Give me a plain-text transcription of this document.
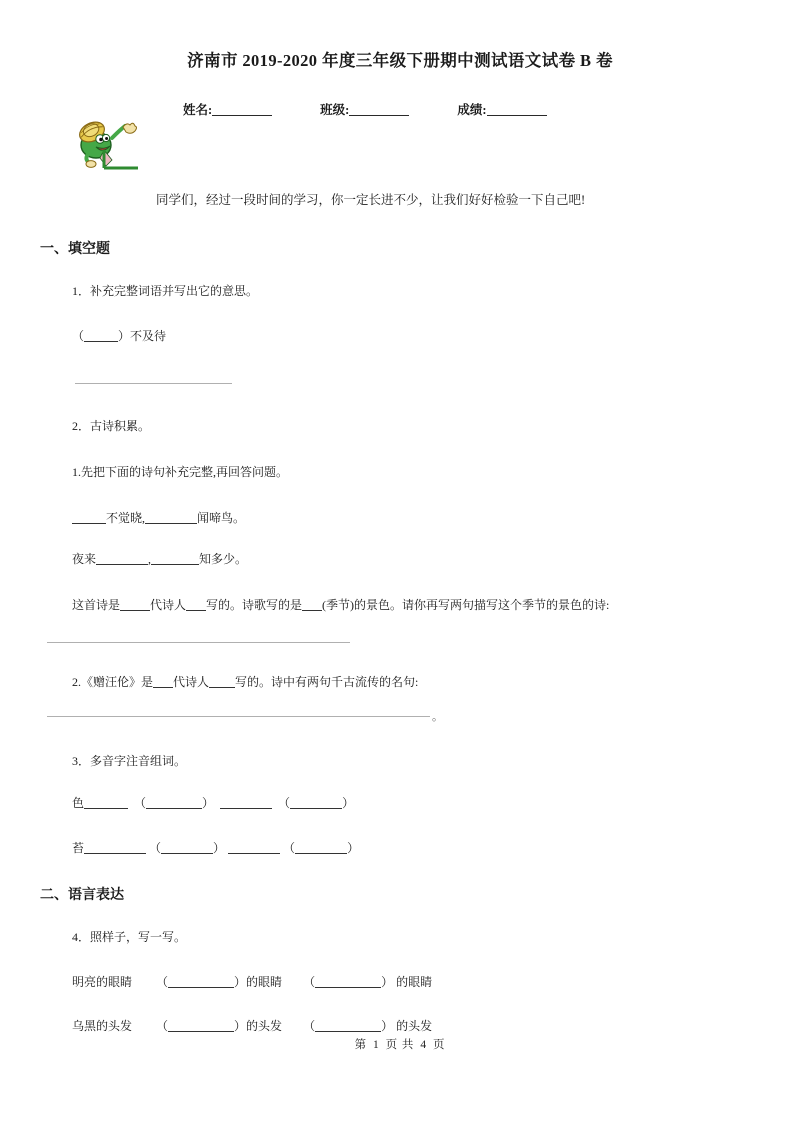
济南市 2019-2020 年度三年级下册期中测试语文试卷 B 卷
姓名:	班级:	成绩:
同学们，经过一段时间的学习，你一定长进不少，让我们好好检验一下自己吧!
一、填空题
1．补充完整词语并写出它的意思。
（	）不及待
2．古诗积累。
1.先把下面的诗句补充完整,再回答问题。
不觉晓,	闻啼鸟。
夜来	,	知多少。
这首诗是	代诗人 写的。诗歌写的是 (季节)的景色。请你再写两句描写这个季节的景色的诗:
2.《赠汪伦》是 代诗人 写的。诗中有两句千古流传的名句:
。
3．多音字注音组词。
色	（	）	（	）
苔	（	）	（	）
二、语言表达
4．照样子，写一写。
明亮的眼睛 （	）的眼睛 （	） 的眼睛
乌黑的头发 （	）的头发 （	） 的头发
第 1 页 共 4 页
